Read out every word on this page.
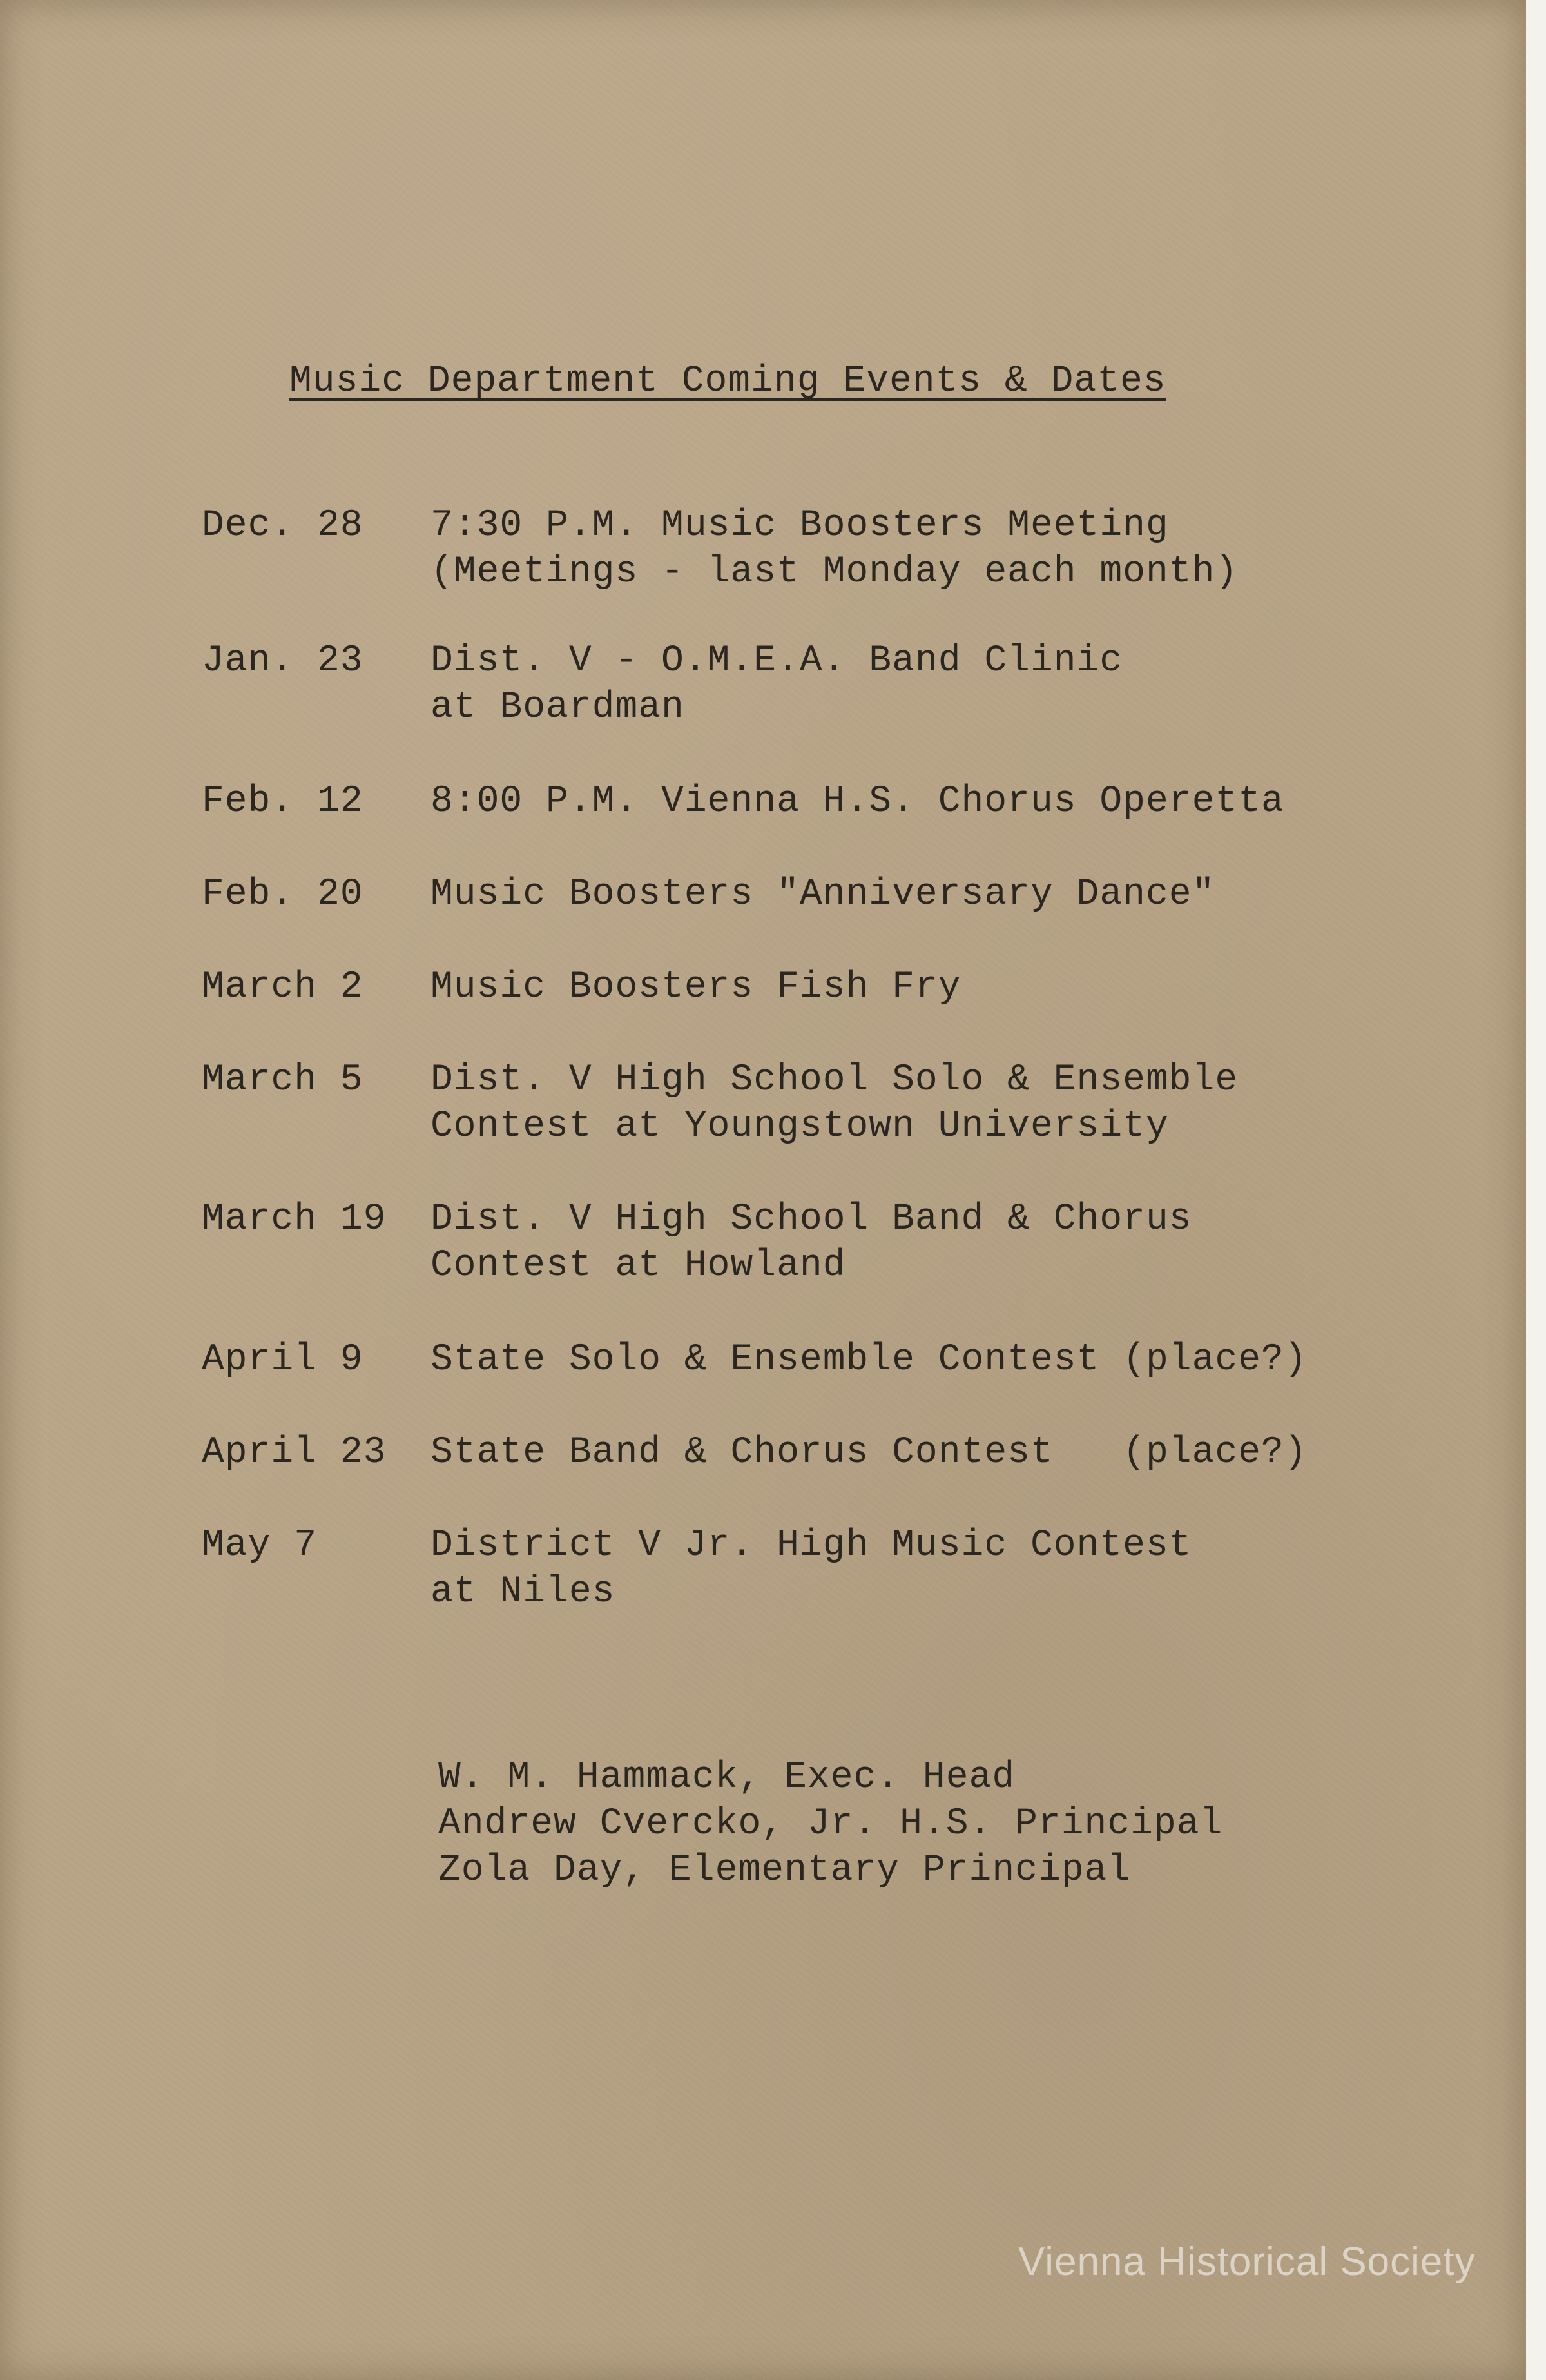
Music Department Coming Events & Dates
Dec. 28 7:30 P.M. Music Boosters Meeting
(Meetings - last Monday each month)
Jan. 23 Dist. V - O.M.E.A. Band Clinic
at Boardman
Feb. 12 8:00 P.M. Vienna H.S. Chorus Operetta
Feb. 20 Music Boosters "Anniversary Dance"
March 2 Music Boosters Fish Fry
March 5 Dist. V High School Solo & Ensemble
Contest at Youngstown University
March 19 Dist. V High School Band & Chorus
Contest at Howland
April 9 State Solo & Ensemble Contest (place?)
April 23 State Band & Chorus Contest   (place?)
May 7	District V Jr. High Music Contest
at Niles
W. M. Hammack, Exec. Head
Andrew Cvercko, Jr. H.S. Principal
Zola Day, Elementary Principal
Vienna Historical Society
